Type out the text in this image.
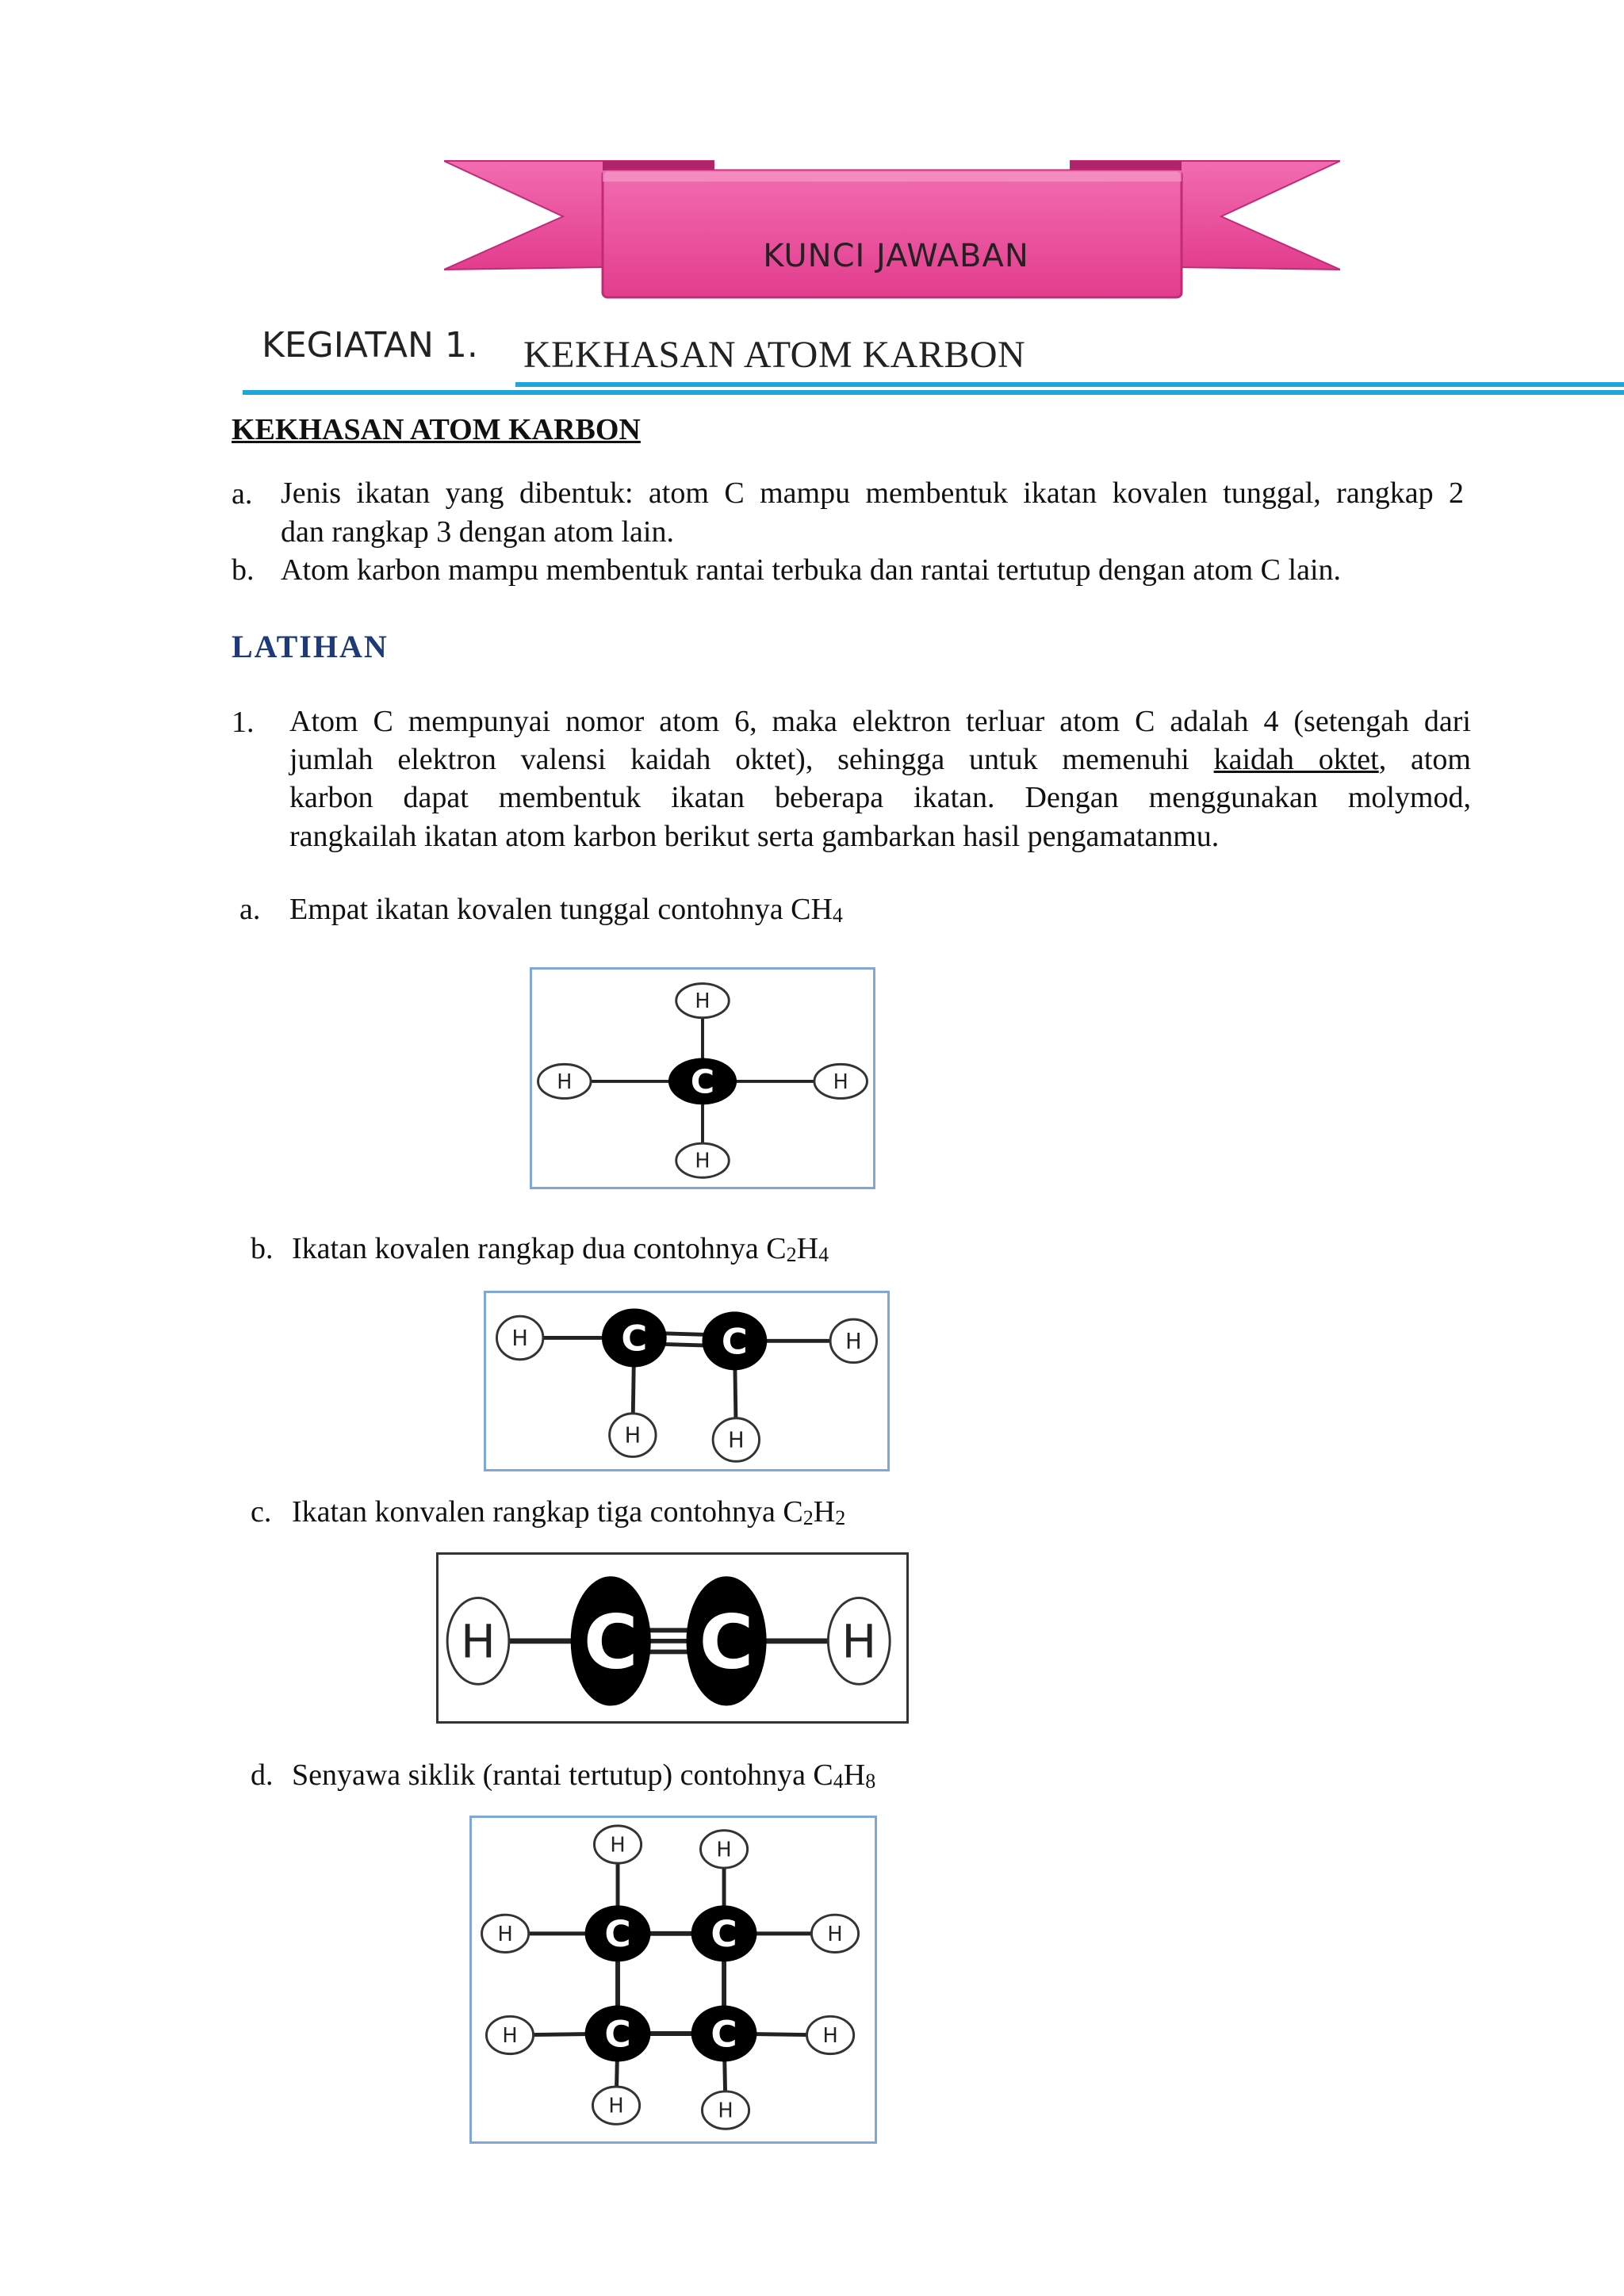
KUNCI JAWABAN
KEGIATAN 1. KEKHASAN ATOM KARBON
KEKHASAN ATOM KARBON
a. Jenis ikatan yang dibentuk: atom C mampu membentuk ikatan kovalen tunggal, rangkap 2
dan rangkap 3 dengan atom lain.
b. Atom karbon mampu membentuk rantai terbuka dan rantai tertutup dengan atom C lain.
LATIHAN
1. Atom C mempunyai nomor atom 6, maka elektron terluar atom C adalah 4 (setengah dari
jumlah elektron valensi kaidah oktet), sehingga untuk memenuhi kaidah oktet, atom
karbon dapat membentuk ikatan beberapa ikatan. Dengan menggunakan molymod,
rangkailah ikatan atom karbon berikut serta gambarkan hasil pengamatanmu.
a. Empat ikatan kovalen tunggal contohnya CH4
H
H
H	H
C
b. Ikatan kovalen rangkap dua contohnya C2H4
H	H
H	H
C C
c. Ikatan konvalen rangkap tiga contohnya C2H2
H	H
C C
d. Senyawa siklik (rantai tertutup) contohnya C4H8
H	H
H	H
H	H
H	H
C C
C C
